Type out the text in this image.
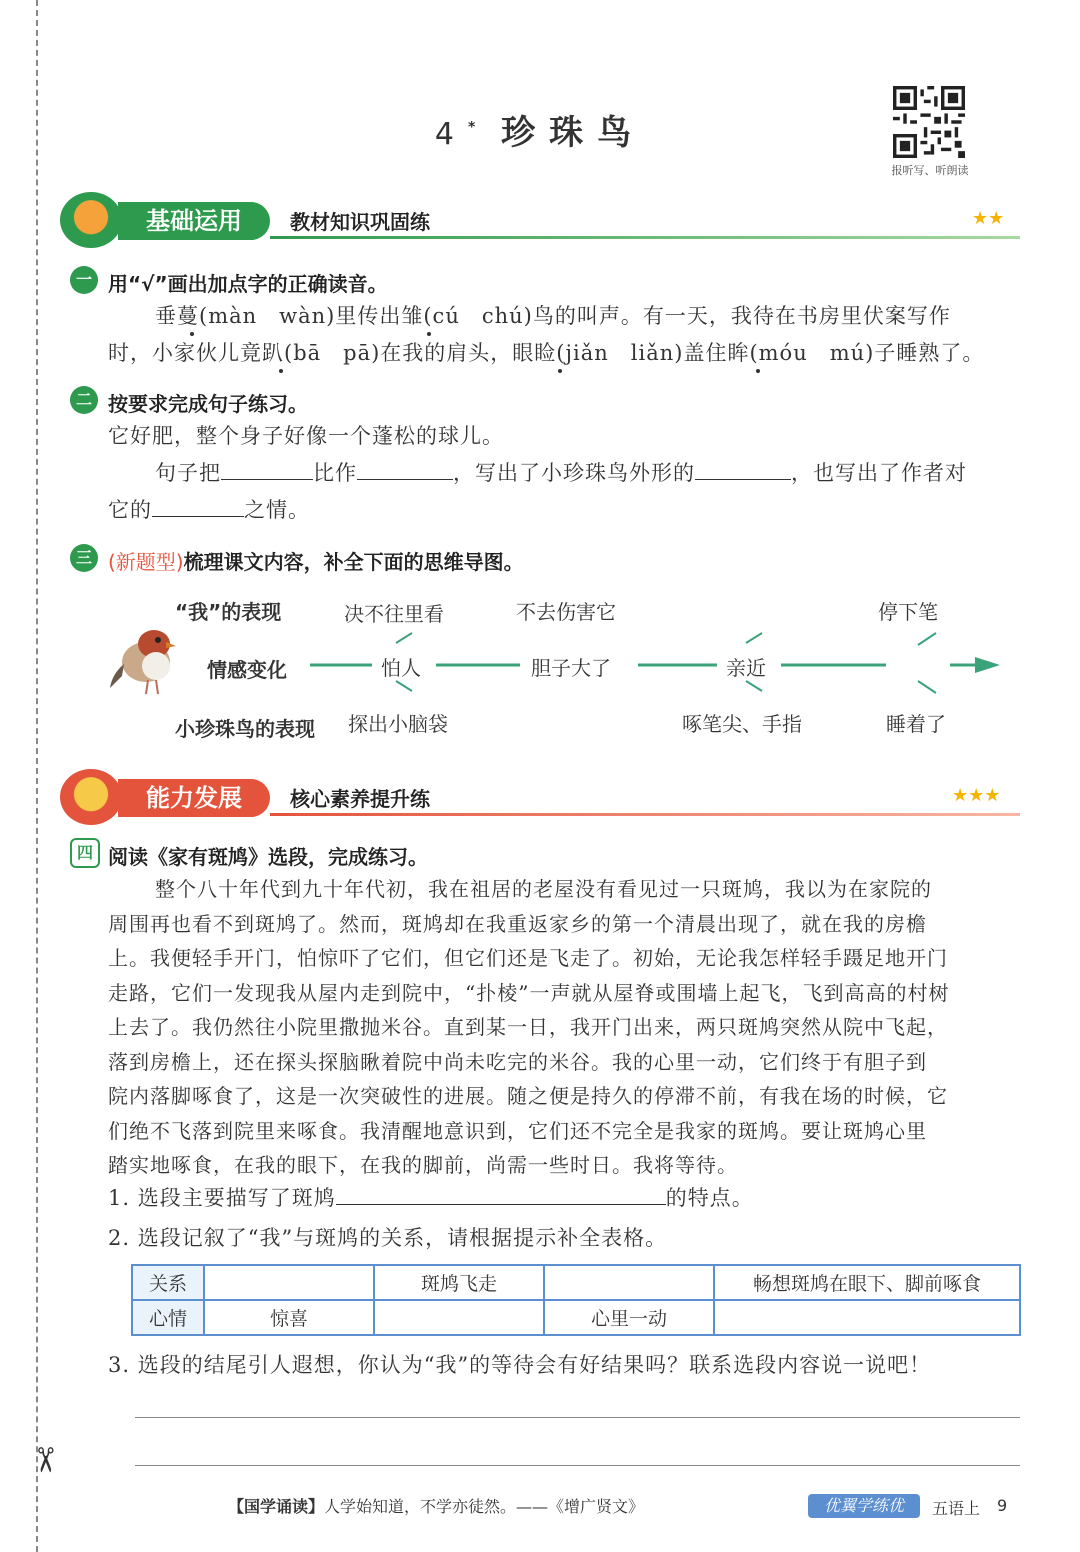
✂
4* 珍珠鸟
报听写、听朗读
基础运用	教材知识巩固练	★★
一 用“√”画出加点字的正确读音。
垂蔓(màn　wàn)里传出雏(cú　chú)鸟的叫声。有一天，我待在书房里伏案写作
时，小家伙儿竟趴(bā　pā)在我的肩头，眼睑(jiǎn　liǎn)盖住眸(móu　mú)子睡熟了。
二 按要求完成句子练习。
它好肥，整个身子好像一个蓬松的球儿。
句子把	比作	，写出了小珍珠鸟外形的	，也写出了作者对
它的	之情。
三 (新题型)梳理课文内容，补全下面的思维导图。
“我”的表现
情感变化
小珍珠鸟的表现
决不往里看	不去伤害它	停下笔
怕人	胆子大了	亲近
探出小脑袋	啄笔尖、手指	睡着了
能力发展	核心素养提升练	★★★
四 阅读《家有斑鸠》选段，完成练习。
整个八十年代到九十年代初，我在祖居的老屋没有看见过一只斑鸠，我以为在家院的
周围再也看不到斑鸠了。然而，斑鸠却在我重返家乡的第一个清晨出现了，就在我的房檐
上。我便轻手开门，怕惊吓了它们，但它们还是飞走了。初始，无论我怎样轻手蹑足地开门
走路，它们一发现我从屋内走到院中，“扑棱”一声就从屋脊或围墙上起飞，飞到高高的村树
上去了。我仍然往小院里撒抛米谷。直到某一日，我开门出来，两只斑鸠突然从院中飞起，
落到房檐上，还在探头探脑瞅着院中尚未吃完的米谷。我的心里一动，它们终于有胆子到
院内落脚啄食了，这是一次突破性的进展。随之便是持久的停滞不前，有我在场的时候，它
们绝不飞落到院里来啄食。我清醒地意识到，它们还不完全是我家的斑鸠。要让斑鸠心里
踏实地啄食，在我的眼下，在我的脚前，尚需一些时日。我将等待。
1. 选段主要描写了斑鸠	的特点。
2. 选段记叙了“我”与斑鸠的关系，请根据提示补全表格。
关系		斑鸠飞走		畅想斑鸠在眼下、脚前啄食
心情	惊喜		心里一动	
3. 选段的结尾引人遐想，你认为“我”的等待会有好结果吗？联系选段内容说一说吧！
【国学诵读】人学始知道，不学亦徒然。——《增广贤文》	优翼学练优	五语上 9
